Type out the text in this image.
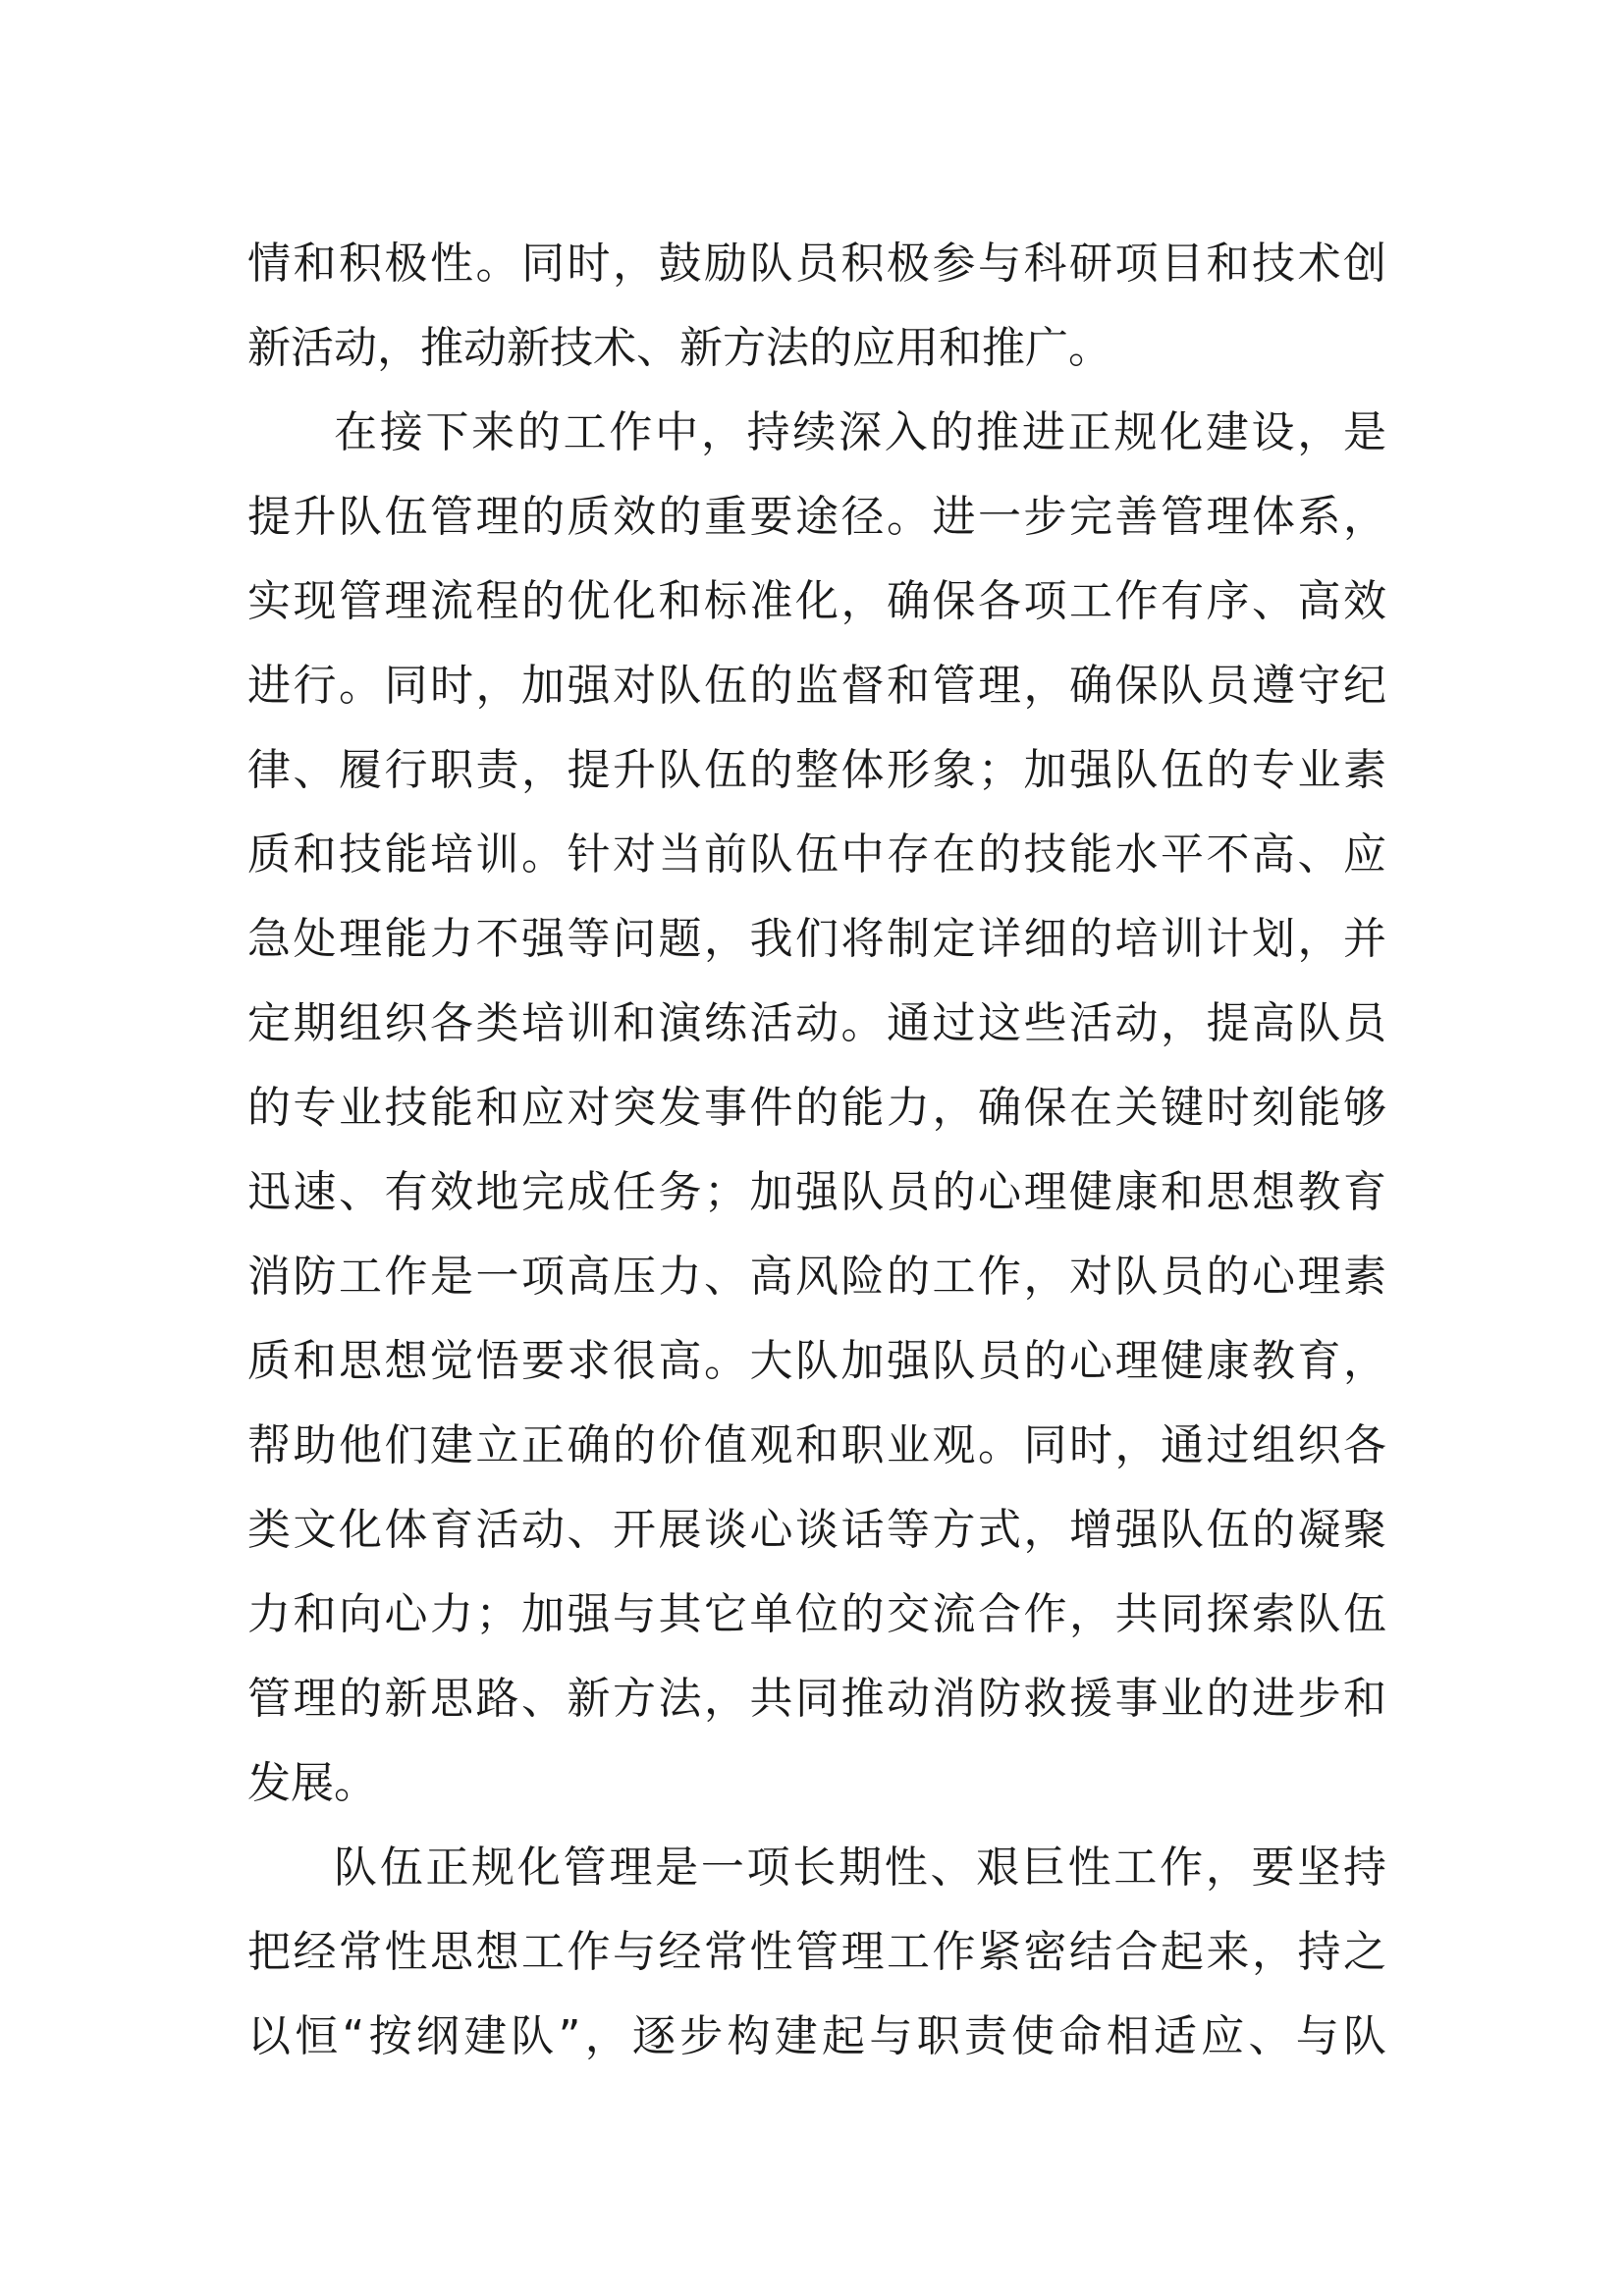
情和积极性。同时，鼓励队员积极参与科研项目和技术创
新活动，推动新技术、新方法的应用和推广。
在接下来的工作中，持续深入的推进正规化建设，是
提升队伍管理的质效的重要途径。进一步完善管理体系，
实现管理流程的优化和标准化，确保各项工作有序、高效
进行。同时，加强对队伍的监督和管理，确保队员遵守纪
律、履行职责，提升队伍的整体形象；加强队伍的专业素
质和技能培训。针对当前队伍中存在的技能水平不高、应
急处理能力不强等问题，我们将制定详细的培训计划，并
定期组织各类培训和演练活动。通过这些活动，提高队员
的专业技能和应对突发事件的能力，确保在关键时刻能够
迅速、有效地完成任务；加强队员的心理健康和思想教育
消防工作是一项高压力、高风险的工作，对队员的心理素
质和思想觉悟要求很高。大队加强队员的心理健康教育，
帮助他们建立正确的价值观和职业观。同时，通过组织各
类文化体育活动、开展谈心谈话等方式，增强队伍的凝聚
力和向心力；加强与其它单位的交流合作，共同探索队伍
管理的新思路、新方法，共同推动消防救援事业的进步和
发展。
队伍正规化管理是一项长期性、艰巨性工作，要坚持
把经常性思想工作与经常性管理工作紧密结合起来，持之
以恒“按纲建队”，逐步构建起与职责使命相适应、与队
